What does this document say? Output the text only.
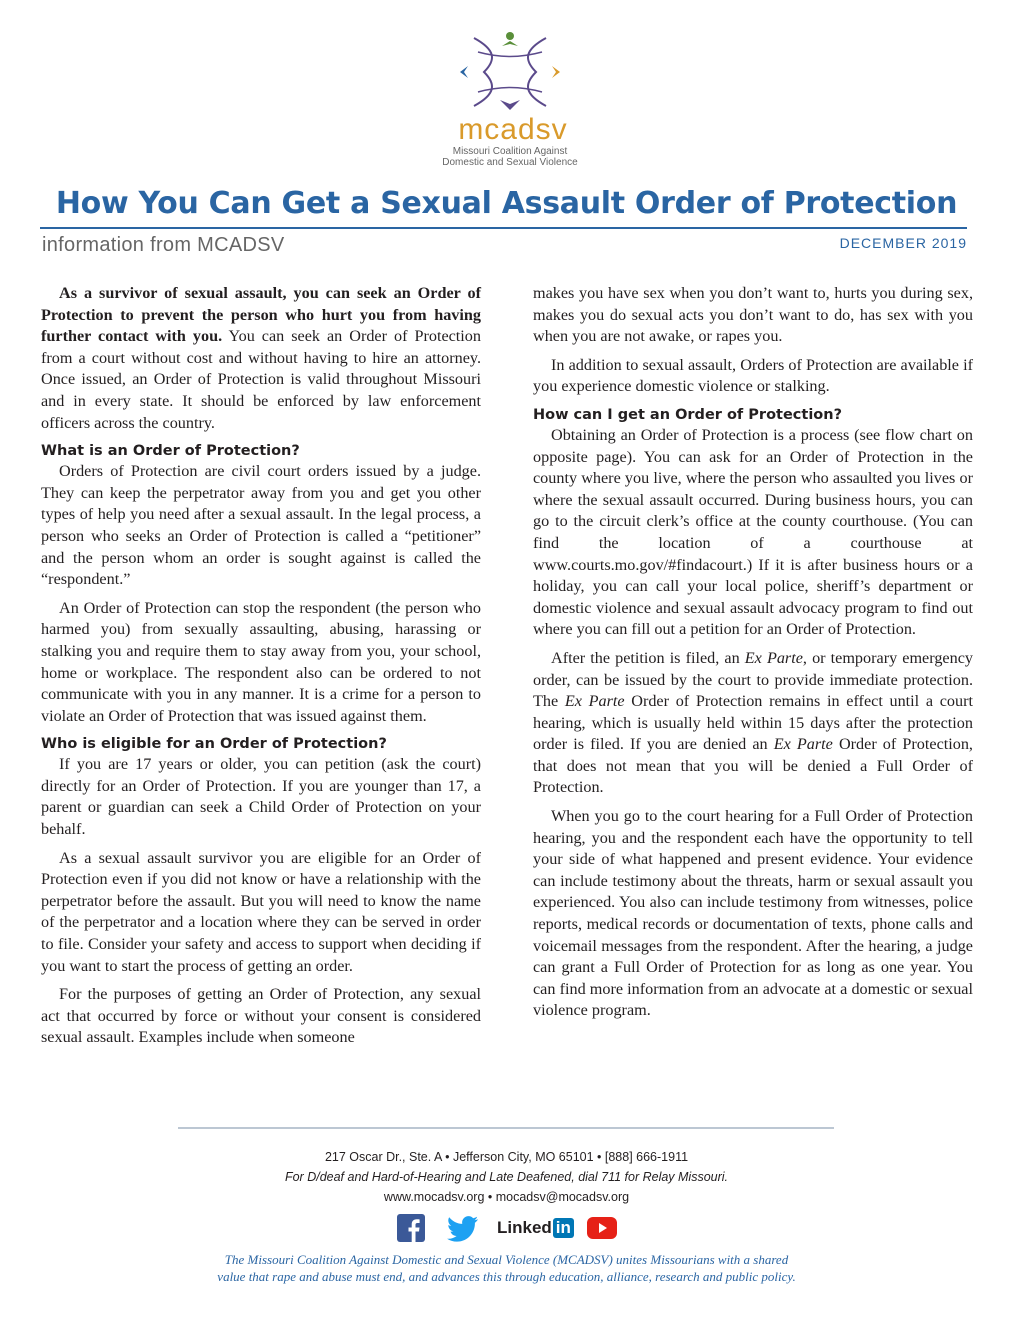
mcadsv
Missouri Coalition Against
Domestic and Sexual Violence
How You Can Get a Sexual Assault Order of Protection
information from MCADSV	DECEMBER 2019

As a survivor of sexual assault, you can seek an Order of Protection to prevent the person who hurt you from having further contact with you. You can seek an Order of Protection from a court without cost and without having to hire an attorney. Once issued, an Order of Protection is valid throughout Missouri and in every state. It should be enforced by law enforcement officers across the country.

What is an Order of Protection?

Orders of Protection are civil court orders issued by a judge. They can keep the perpetrator away from you and get you other types of help you need after a sexual assault. In the legal process, a person who seeks an Order of Protection is called a “petitioner” and the person whom an order is sought against is called the “respondent.”

An Order of Protection can stop the respondent (the person who harmed you) from sexually assaulting, abusing, harassing or stalking you and require them to stay away from you, your school, home or workplace. The respondent also can be ordered to not communicate with you in any manner. It is a crime for a person to violate an Order of Protection that was issued against them.

Who is eligible for an Order of Protection?

If you are 17 years or older, you can petition (ask the court) directly for an Order of Protection. If you are younger than 17, a parent or guardian can seek a Child Order of Protection on your behalf.

As a sexual assault survivor you are eligible for an Order of Protection even if you did not know or have a relationship with the perpetrator before the assault. But you will need to know the name of the perpetrator and a location where they can be served in order to file. Consider your safety and access to support when deciding if you want to start the process of getting an order.

For the purposes of getting an Order of Protection, any sexual act that occurred by force or without your consent is considered sexual assault. Examples include when someone

makes you have sex when you don’t want to, hurts you during sex, makes you do sexual acts you don’t want to do, has sex with you when you are not awake, or rapes you.

In addition to sexual assault, Orders of Protection are available if you experience domestic violence or stalking.

How can I get an Order of Protection?

Obtaining an Order of Protection is a process (see flow chart on opposite page). You can ask for an Order of Protection in the county where you live, where the person who assaulted you lives or where the sexual assault occurred. During business hours, you can go to the circuit clerk’s office at the county courthouse. (You can find the location of a courthouse at www.courts.mo.gov/#findacourt.) If it is after business hours or a holiday, you can call your local police, sheriff’s department or domestic violence and sexual assault advocacy program to find out where you can fill out a petition for an Order of Protection.

After the petition is filed, an Ex Parte, or temporary emergency order, can be issued by the court to provide immediate protection. The Ex Parte Order of Protection remains in effect until a court hearing, which is usually held within 15 days after the protection order is filed. If you are denied an Ex Parte Order of Protection, that does not mean that you will be denied a Full Order of Protection.

When you go to the court hearing for a Full Order of Protection hearing, you and the respondent each have the opportunity to tell your side of what happened and present evidence. Your evidence can include testimony about the threats, harm or sexual assault you experienced. You also can include testimony from witnesses, police reports, medical records or documentation of texts, phone calls and voicemail messages from the respondent. After the hearing, a judge can grant a Full Order of Protection for as long as one year. You can find more information from an advocate at a domestic or sexual violence program.

217 Oscar Dr., Ste. A • Jefferson City, MO 65101 • [888] 666-1911
For D/deaf and Hard-of-Hearing and Late Deafened, dial 711 for Relay Missouri.
www.mocadsv.org • mocadsv@mocadsv.org
Linked in
The Missouri Coalition Against Domestic and Sexual Violence (MCADSV) unites Missourians with a shared
value that rape and abuse must end, and advances this through education, alliance, research and public policy.
